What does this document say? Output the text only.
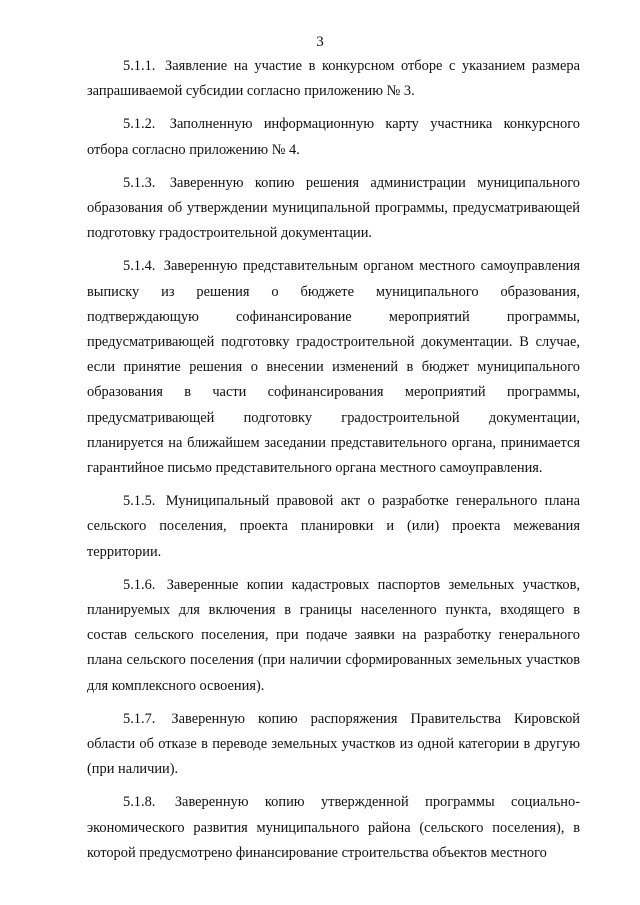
3

5.1.1. Заявление на участие в конкурсном отборе с указанием размера запрашиваемой субсидии согласно приложению № 3.

5.1.2. Заполненную информационную карту участника конкурсного отбора согласно приложению № 4.

5.1.3. Заверенную копию решения администрации муниципального образования об утверждении муниципальной программы, предусматривающей подготовку градостроительной документации.

5.1.4. Заверенную представительным органом местного самоуправления выписку из решения о бюджете муниципального образования, подтверждающую софинансирование мероприятий программы, предусматривающей подготовку градостроительной документации. В случае, если принятие решения о внесении изменений в бюджет муниципального образования в части софинансирования мероприятий программы, предусматривающей подготовку градостроительной документации, планируется на ближайшем заседании представительного органа, принимается гарантийное письмо представительного органа местного самоуправления.

5.1.5. Муниципальный правовой акт о разработке генерального плана сельского поселения, проекта планировки и (или) проекта межевания территории.

5.1.6. Заверенные копии кадастровых паспортов земельных участков, планируемых для включения в границы населенного пункта, входящего в состав сельского поселения, при подаче заявки на разработку генерального плана сельского поселения (при наличии сформированных земельных участков для комплексного освоения).

5.1.7. Заверенную копию распоряжения Правительства Кировской области об отказе в переводе земельных участков из одной категории в другую (при наличии).

5.1.8. Заверенную копию утвержденной программы социально-экономического развития муниципального района (сельского поселения), в которой предусмотрено финансирование строительства объектов местного
